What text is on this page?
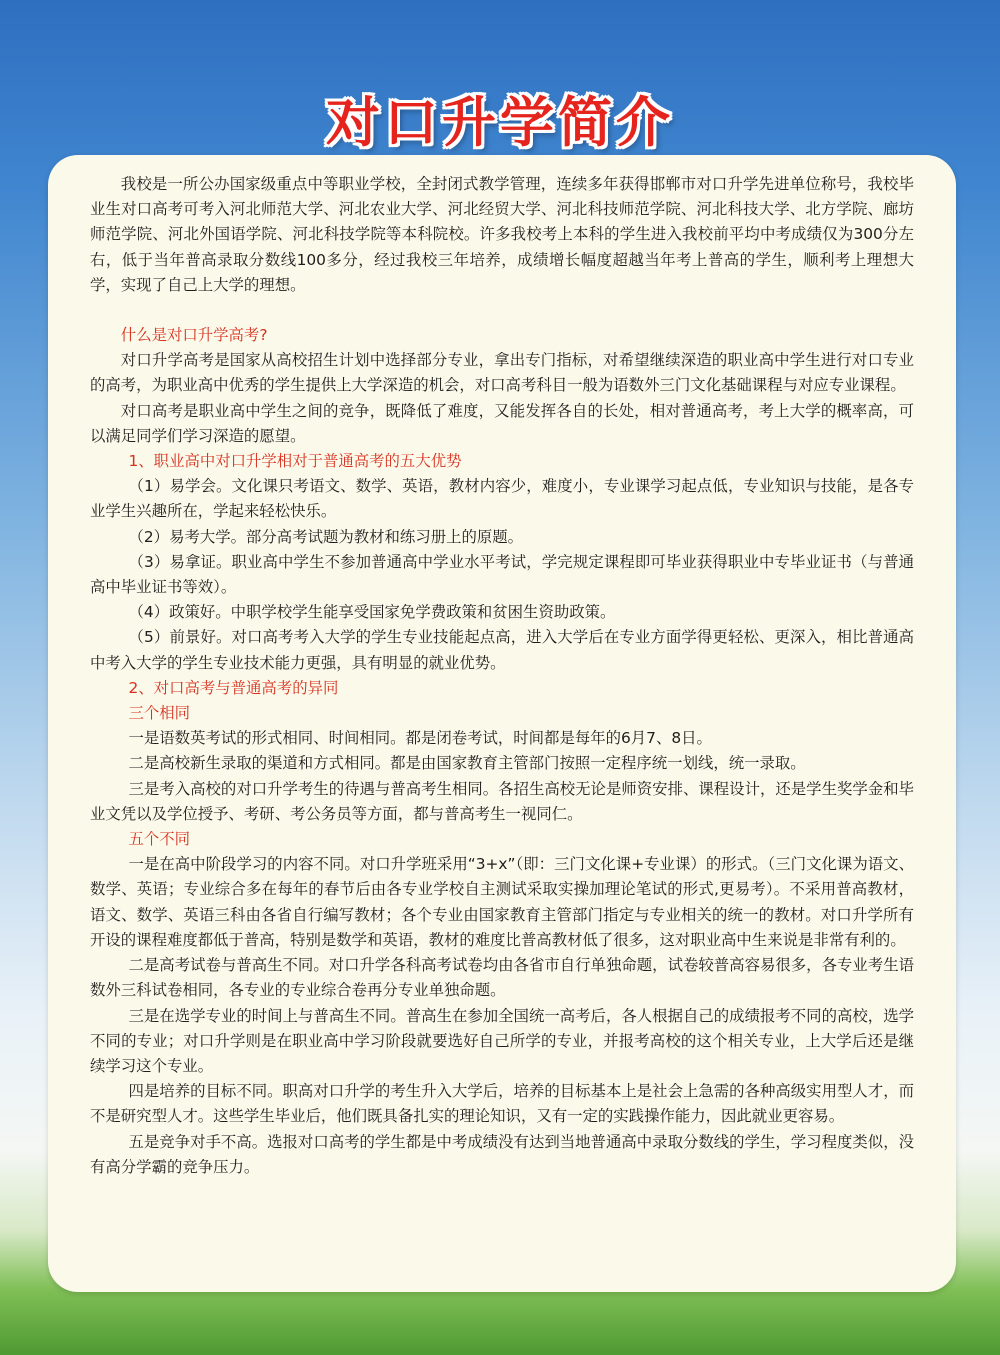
对口升学简介

我校是一所公办国家级重点中等职业学校，全封闭式教学管理，连续多年获得邯郸市对口升学先进单位称号，我校毕业生对口高考可考入河北师范大学、河北农业大学、河北经贸大学、河北科技师范学院、河北科技大学、北方学院、廊坊师范学院、河北外国语学院、河北科技学院等本科院校。许多我校考上本科的学生进入我校前平均中考成绩仅为300分左右，低于当年普高录取分数线100多分，经过我校三年培养，成绩增长幅度超越当年考上普高的学生，顺利考上理想大学，实现了自己上大学的理想。

什么是对口升学高考?

对口升学高考是国家从高校招生计划中选择部分专业，拿出专门指标，对希望继续深造的职业高中学生进行对口专业的高考，为职业高中优秀的学生提供上大学深造的机会，对口高考科目一般为语数外三门文化基础课程与对应专业课程。

对口高考是职业高中学生之间的竞争，既降低了难度，又能发挥各自的长处，相对普通高考，考上大学的概率高，可以满足同学们学习深造的愿望。

1、职业高中对口升学相对于普通高考的五大优势

（1）易学会。文化课只考语文、数学、英语，教材内容少，难度小，专业课学习起点低，专业知识与技能，是各专业学生兴趣所在，学起来轻松快乐。

（2）易考大学。部分高考试题为教材和练习册上的原题。

（3）易拿证。职业高中学生不参加普通高中学业水平考试，学完规定课程即可毕业获得职业中专毕业证书（与普通高中毕业证书等效）。

（4）政策好。中职学校学生能享受国家免学费政策和贫困生资助政策。

（5）前景好。对口高考考入大学的学生专业技能起点高，进入大学后在专业方面学得更轻松、更深入，相比普通高中考入大学的学生专业技术能力更强，具有明显的就业优势。

2、对口高考与普通高考的异同

三个相同

一是语数英考试的形式相同、时间相同。都是闭卷考试，时间都是每年的6月7、8日。

二是高校新生录取的渠道和方式相同。都是由国家教育主管部门按照一定程序统一划线，统一录取。

三是考入高校的对口升学考生的待遇与普高考生相同。各招生高校无论是师资安排、课程设计，还是学生奖学金和毕业文凭以及学位授予、考研、考公务员等方面，都与普高考生一视同仁。

五个不同

一是在高中阶段学习的内容不同。对口升学班采用“3+x”（即：三门文化课+专业课）的形式。（三门文化课为语文、数学、英语；专业综合多在每年的春节后由各专业学校自主测试采取实操加理论笔试的形式,更易考）。不采用普高教材，语文、数学、英语三科由各省自行编写教材；各个专业由国家教育主管部门指定与专业相关的统一的教材。对口升学所有开设的课程难度都低于普高，特别是数学和英语，教材的难度比普高教材低了很多，这对职业高中生来说是非常有利的。

二是高考试卷与普高生不同。对口升学各科高考试卷均由各省市自行单独命题，试卷较普高容易很多，各专业考生语数外三科试卷相同，各专业的专业综合卷再分专业单独命题。

三是在选学专业的时间上与普高生不同。普高生在参加全国统一高考后，各人根据自己的成绩报考不同的高校，选学不同的专业；对口升学则是在职业高中学习阶段就要选好自己所学的专业，并报考高校的这个相关专业，上大学后还是继续学习这个专业。

四是培养的目标不同。职高对口升学的考生升入大学后，培养的目标基本上是社会上急需的各种高级实用型人才，而不是研究型人才。这些学生毕业后，他们既具备扎实的理论知识，又有一定的实践操作能力，因此就业更容易。

五是竞争对手不高。选报对口高考的学生都是中考成绩没有达到当地普通高中录取分数线的学生，学习程度类似，没有高分学霸的竞争压力。
